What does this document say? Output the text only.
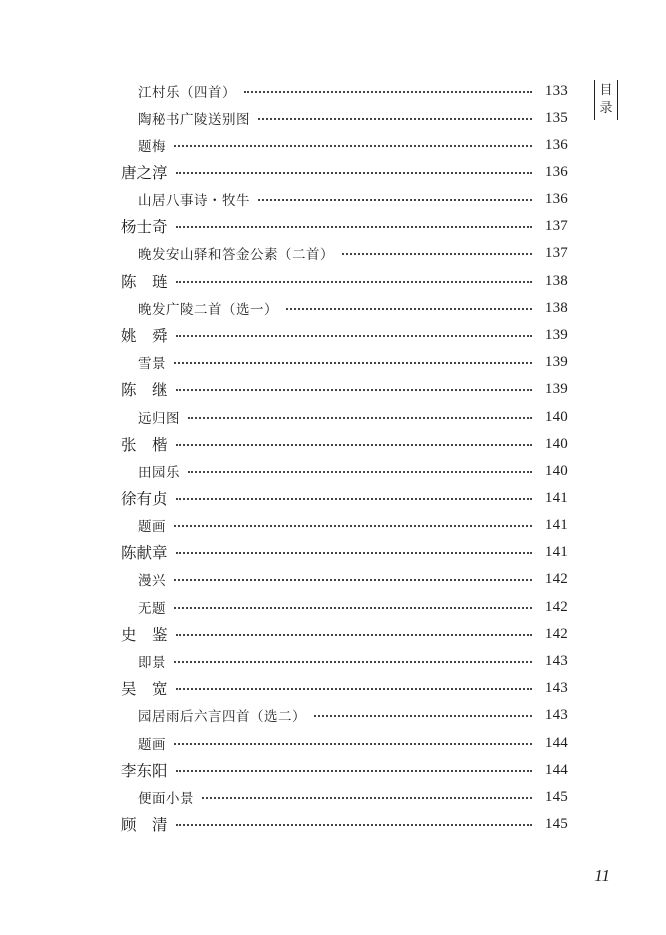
江村乐（四首）	133
陶秘书广陵送别图	135
题梅	136
唐之淳	136
山居八事诗・牧牛	136
杨士奇	137
晚发安山驿和答金公素（二首）	137
陈　琏	138
晚发广陵二首（选一）	138
姚　舜	139
雪景	139
陈　继	139
远归图	140
张　楷	140
田园乐	140
徐有贞	141
题画	141
陈献章	141
漫兴	142
无题	142
史　鉴	142
即景	143
吴　宽	143
园居雨后六言四首（选二）	143
题画	144
李东阳	144
便面小景	145
顾　清	145
目
录
11
